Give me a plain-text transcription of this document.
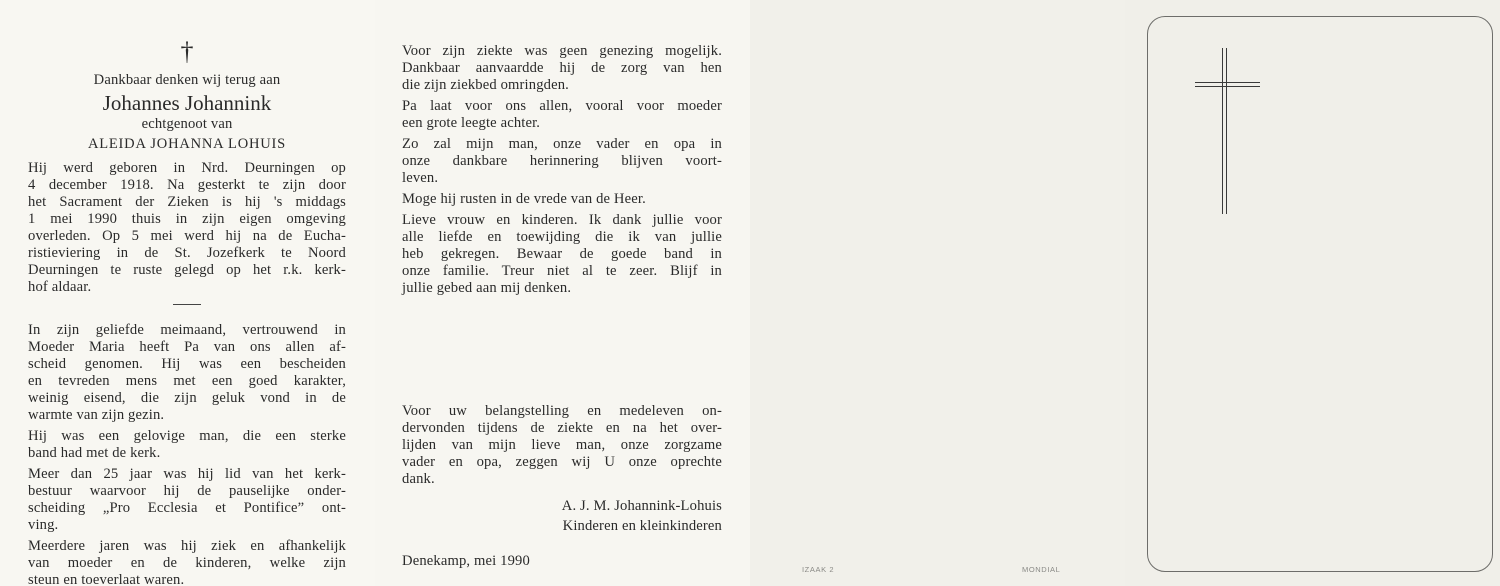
†
Dankbaar denken wij terug aan
Johannes Johannink
echtgenoot van
ALEIDA JOHANNA LOHUIS
Hij werd geboren in Nrd. Deurningen op
4 december 1918. Na gesterkt te zijn door
het Sacrament der Zieken is hij 's middags
1 mei 1990 thuis in zijn eigen omgeving
overleden. Op 5 mei werd hij na de Eucha-
ristieviering in de St. Jozefkerk te Noord
Deurningen te ruste gelegd op het r.k. kerk-
hof aldaar.
In zijn geliefde meimaand, vertrouwend in
Moeder Maria heeft Pa van ons allen af-
scheid genomen. Hij was een bescheiden
en tevreden mens met een goed karakter,
weinig eisend, die zijn geluk vond in de
warmte van zijn gezin.
Hij was een gelovige man, die een sterke
band had met de kerk.
Meer dan 25 jaar was hij lid van het kerk-
bestuur waarvoor hij de pauselijke onder-
scheiding „Pro Ecclesia et Pontifice” ont-
ving.
Meerdere jaren was hij ziek en afhankelijk
van moeder en de kinderen, welke zijn
steun en toeverlaat waren.
Voor zijn ziekte was geen genezing mogelijk.
Dankbaar aanvaardde hij de zorg van hen
die zijn ziekbed omringden.
Pa laat voor ons allen, vooral voor moeder
een grote leegte achter.
Zo zal mijn man, onze vader en opa in
onze dankbare herinnering blijven voort-
leven.
Moge hij rusten in de vrede van de Heer.
Lieve vrouw en kinderen. Ik dank jullie voor
alle liefde en toewijding die ik van jullie
heb gekregen. Bewaar de goede band in
onze familie. Treur niet al te zeer. Blijf in
jullie gebed aan mij denken.
Voor uw belangstelling en medeleven on-
dervonden tijdens de ziekte en na het over-
lijden van mijn lieve man, onze zorgzame
vader en opa, zeggen wij U onze oprechte
dank.
A. J. M. Johannink-Lohuis
Kinderen en kleinkinderen
Denekamp, mei 1990
IZAAK 2	MONDIAL
